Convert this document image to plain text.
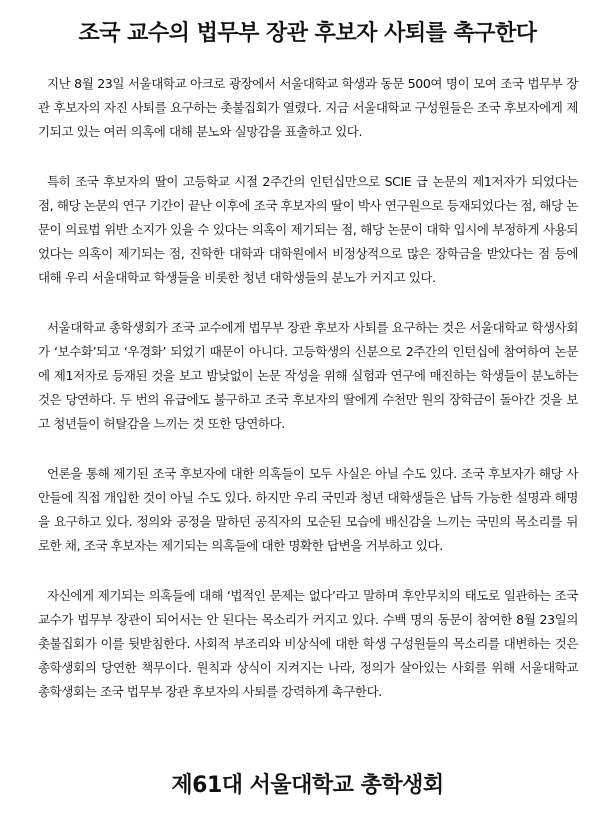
조국 교수의 법무부 장관 후보자 사퇴를 촉구한다

지난 8월 23일 서울대학교 아크로 광장에서 서울대학교 학생과 동문 500여 명이 모여 조국 법무부 장관 후보자의 자진 사퇴를 요구하는 촛불집회가 열렸다. 지금 서울대학교 구성원들은 조국 후보자에게 제기되고 있는 여러 의혹에 대해 분노와 실망감을 표출하고 있다.

특히 조국 후보자의 딸이 고등학교 시절 2주간의 인턴십만으로 SCIE 급 논문의 제1저자가 되었다는 점, 해당 논문의 연구 기간이 끝난 이후에 조국 후보자의 딸이 박사 연구원으로 등재되었다는 점, 해당 논문이 의료법 위반 소지가 있을 수 있다는 의혹이 제기되는 점, 해당 논문이 대학 입시에 부정하게 사용되었다는 의혹이 제기되는 점, 진학한 대학과 대학원에서 비정상적으로 많은 장학금을 받았다는 점 등에 대해 우리 서울대학교 학생들을 비롯한 청년 대학생들의 분노가 커지고 있다.

서울대학교 총학생회가 조국 교수에게 법무부 장관 후보자 사퇴를 요구하는 것은 서울대학교 학생사회가 ‘보수화’되고 ‘우경화’ 되었기 때문이 아니다. 고등학생의 신분으로 2주간의 인턴십에 참여하여 논문에 제1저자로 등재된 것을 보고 밤낮없이 논문 작성을 위해 실험과 연구에 매진하는 학생들이 분노하는 것은 당연하다. 두 번의 유급에도 불구하고 조국 후보자의 딸에게 수천만 원의 장학금이 돌아간 것을 보고 청년들이 허탈감을 느끼는 것 또한 당연하다.

언론을 통해 제기된 조국 후보자에 대한 의혹들이 모두 사실은 아닐 수도 있다. 조국 후보자가 해당 사안들에 직접 개입한 것이 아닐 수도 있다. 하지만 우리 국민과 청년 대학생들은 납득 가능한 설명과 해명을 요구하고 있다. 정의와 공정을 말하던 공직자의 모순된 모습에 배신감을 느끼는 국민의 목소리를 뒤로한 채, 조국 후보자는 제기되는 의혹들에 대한 명확한 답변을 거부하고 있다.

자신에게 제기되는 의혹들에 대해 ‘법적인 문제는 없다’라고 말하며 후안무치의 태도로 일관하는 조국 교수가 법무부 장관이 되어서는 안 된다는 목소리가 커지고 있다. 수백 명의 동문이 참여한 8월 23일의 촛불집회가 이를 뒷받침한다. 사회적 부조리와 비상식에 대한 학생 구성원들의 목소리를 대변하는 것은 총학생회의 당연한 책무이다. 원칙과 상식이 지켜지는 나라, 정의가 살아있는 사회를 위해 서울대학교 총학생회는 조국 법무부 장관 후보자의 사퇴를 강력하게 촉구한다.

제61대 서울대학교 총학생회
